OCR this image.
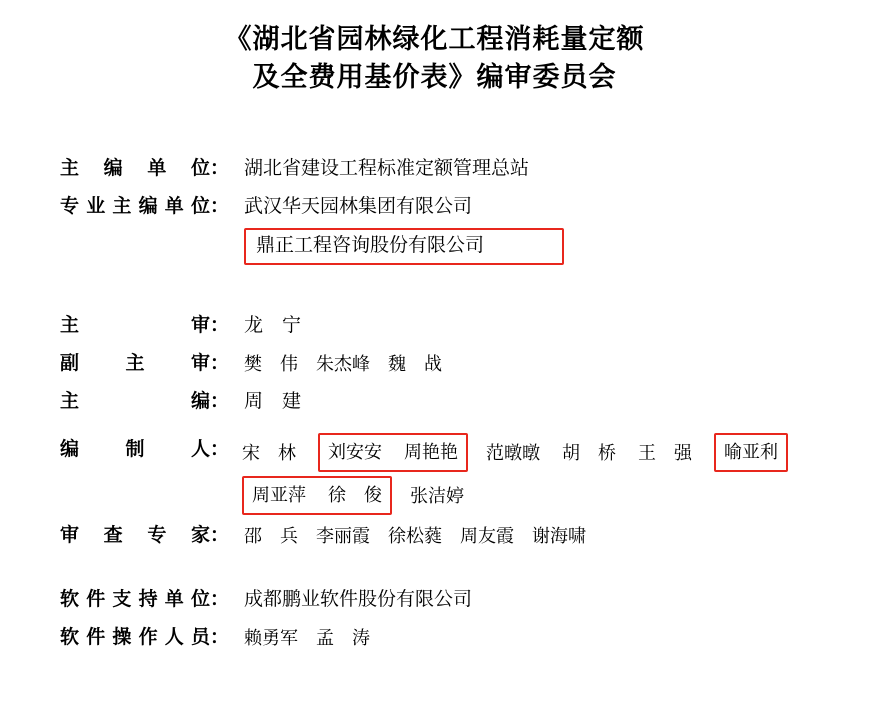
《湖北省园林绿化工程消耗量定额
及全费用基价表》编审委员会
主 编 单 位： 湖北省建设工程标准定额管理总站
专业主编单位： 武汉华天园林集团有限公司
鼎正工程咨询股份有限公司
主　　　审： 龙　宁
副　主　审： 樊　伟　朱杰峰　魏　战
主　　　编： 周　建
编 制 人： 宋　林 刘安安 周艳艳 范暾暾 胡　桥 王　强 喻亚利

周亚萍 徐　俊 张洁婷
审 查 专 家： 邵　兵　李丽霞　徐松蕤　周友霞　谢海啸
软件支持单位： 成都鹏业软件股份有限公司
软件操作人员： 赖勇军　孟　涛
